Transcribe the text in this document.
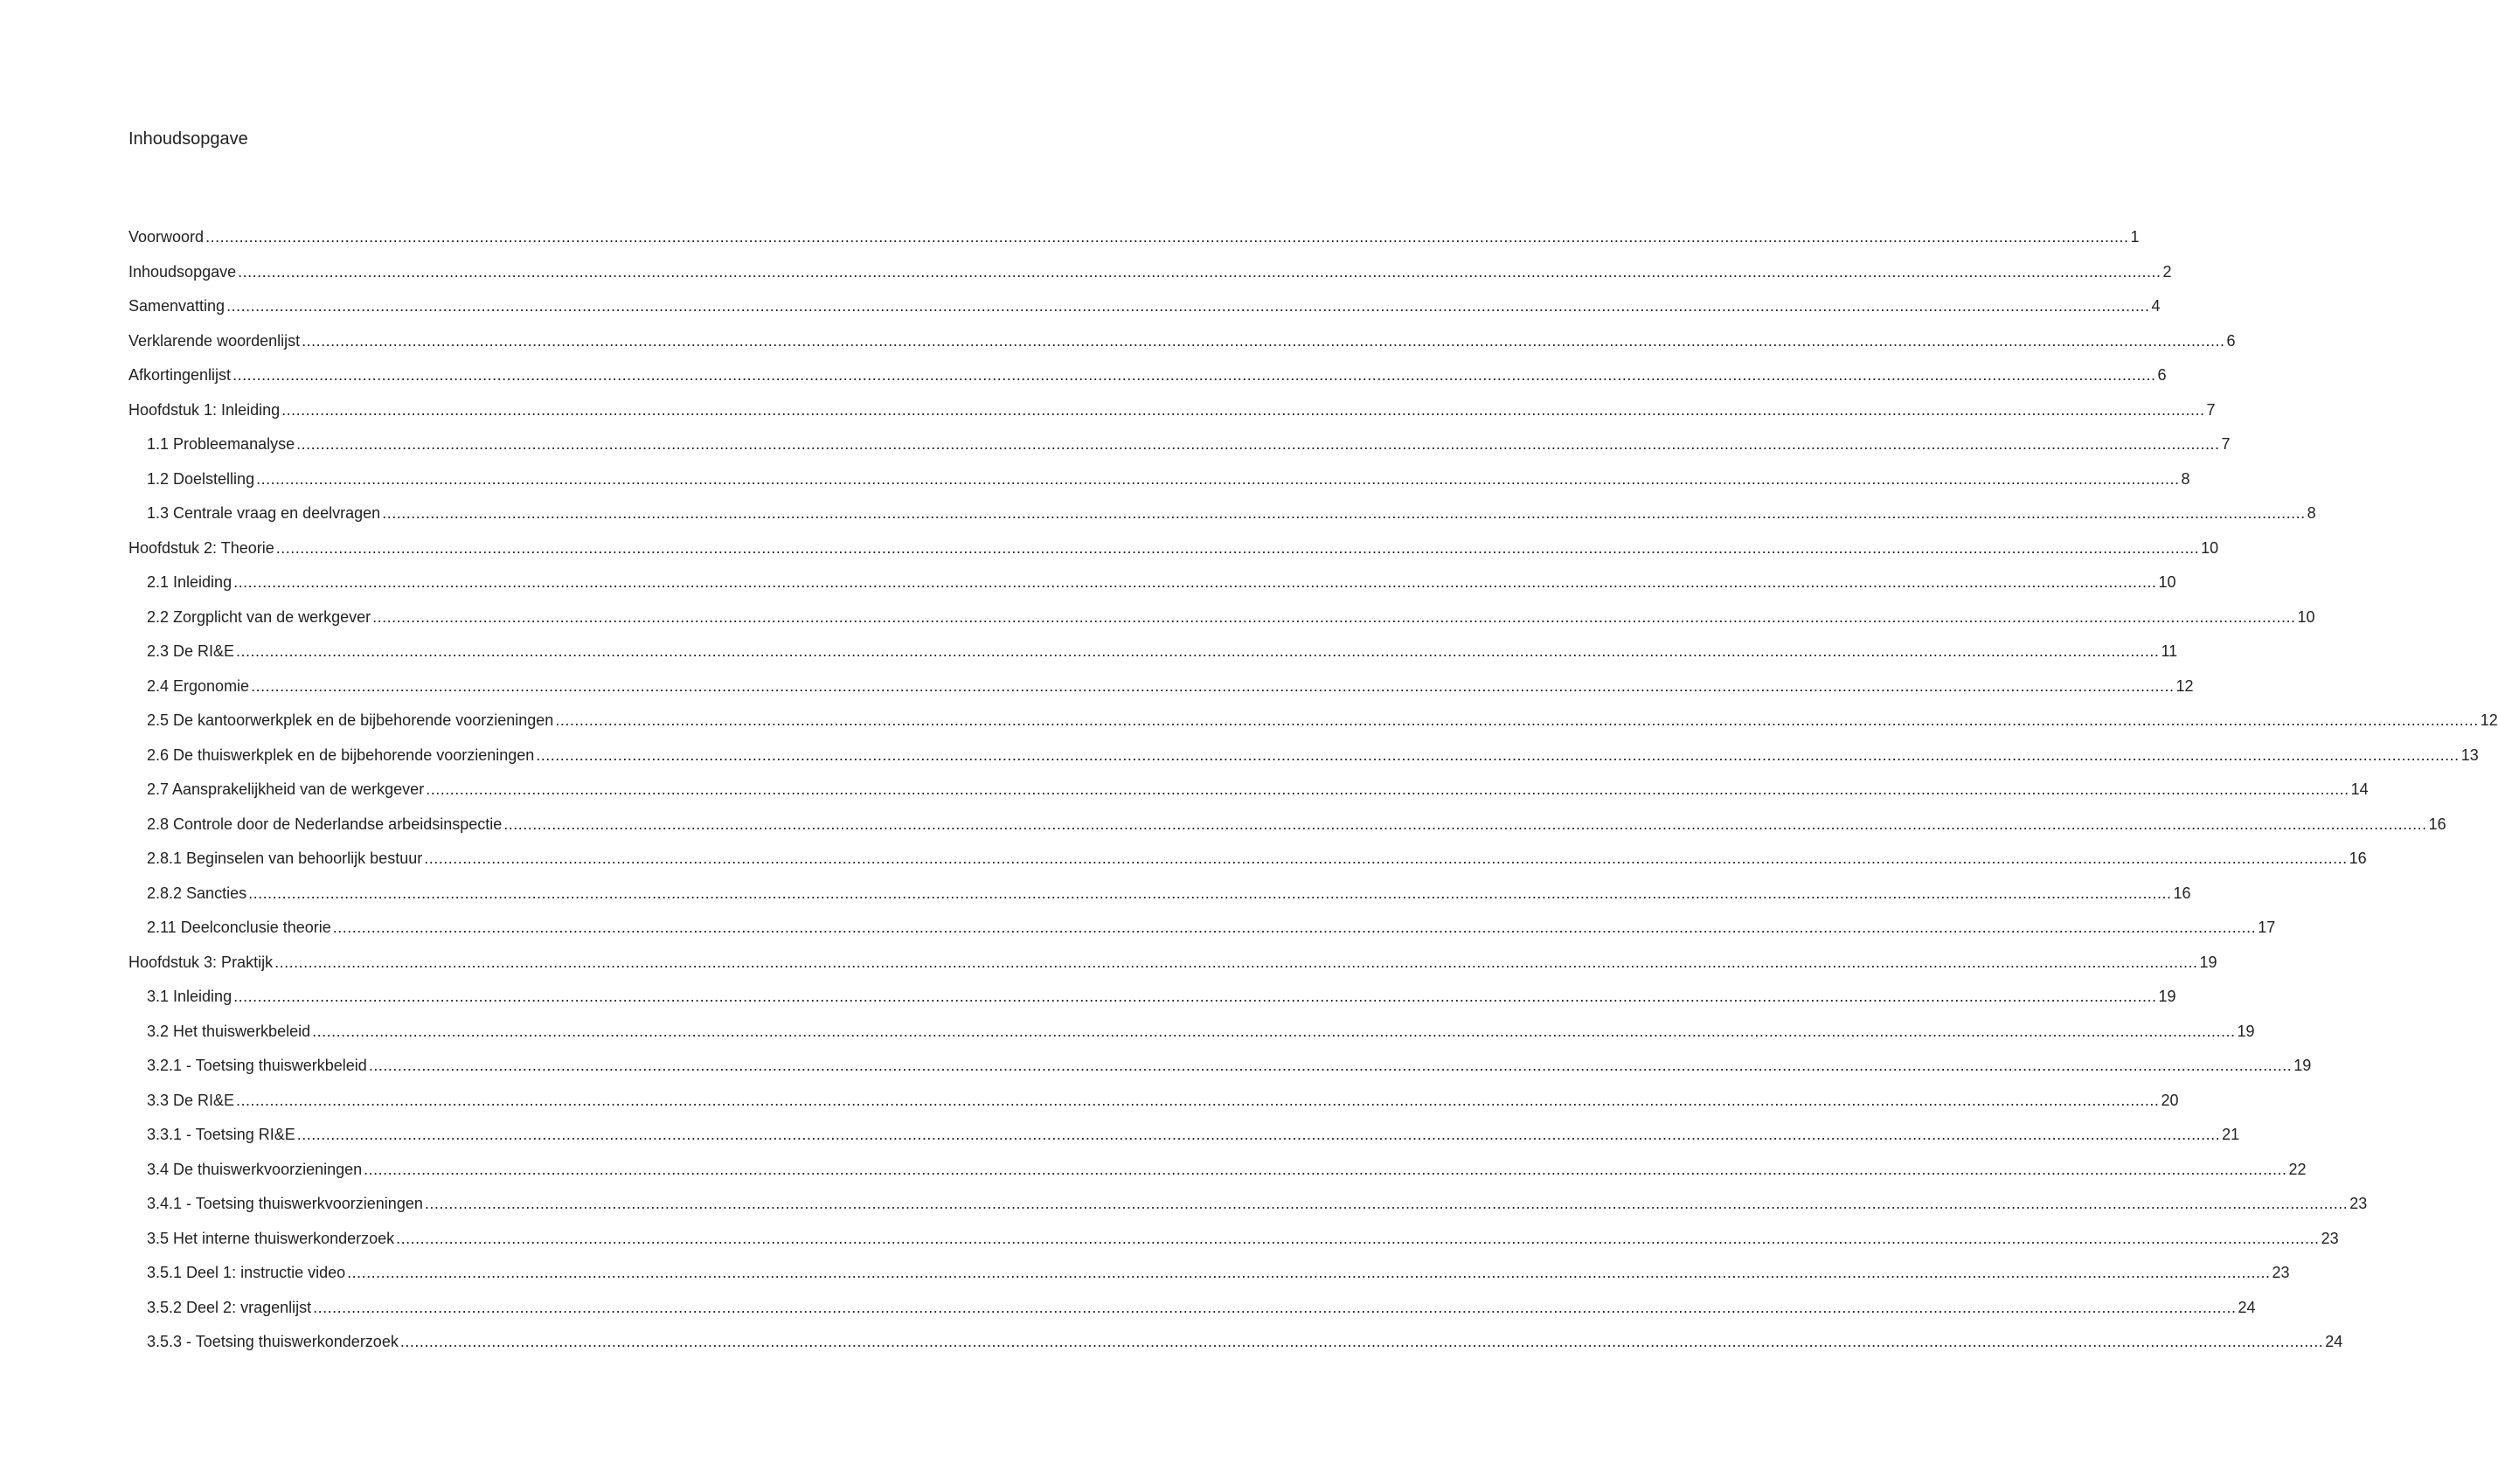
Inhoudsopgave
Voorwoord ................................................................................................................................................................................................................................................................................................................................................................................................................ 1
Inhoudsopgave ................................................................................................................................................................................................................................................................................................................................................................................................................ 2
Samenvatting ................................................................................................................................................................................................................................................................................................................................................................................................................ 4
Verklarende woordenlijst ................................................................................................................................................................................................................................................................................................................................................................................................................ 6
Afkortingenlijst ................................................................................................................................................................................................................................................................................................................................................................................................................ 6
Hoofdstuk 1: Inleiding ................................................................................................................................................................................................................................................................................................................................................................................................................ 7
1.1 Probleemanalyse ................................................................................................................................................................................................................................................................................................................................................................................................................ 7
1.2 Doelstelling ................................................................................................................................................................................................................................................................................................................................................................................................................ 8
1.3 Centrale vraag en deelvragen ................................................................................................................................................................................................................................................................................................................................................................................................................ 8
Hoofdstuk 2: Theorie ................................................................................................................................................................................................................................................................................................................................................................................................................ 10
2.1 Inleiding ................................................................................................................................................................................................................................................................................................................................................................................................................ 10
2.2 Zorgplicht van de werkgever ................................................................................................................................................................................................................................................................................................................................................................................................................ 10
2.3 De RI&E ................................................................................................................................................................................................................................................................................................................................................................................................................ 11
2.4 Ergonomie ................................................................................................................................................................................................................................................................................................................................................................................................................ 12
2.5 De kantoorwerkplek en de bijbehorende voorzieningen ................................................................................................................................................................................................................................................................................................................................................................................................................ 12
2.6 De thuiswerkplek en de bijbehorende voorzieningen ................................................................................................................................................................................................................................................................................................................................................................................................................ 13
2.7 Aansprakelijkheid van de werkgever ................................................................................................................................................................................................................................................................................................................................................................................................................ 14
2.8 Controle door de Nederlandse arbeidsinspectie ................................................................................................................................................................................................................................................................................................................................................................................................................ 16
2.8.1 Beginselen van behoorlijk bestuur ................................................................................................................................................................................................................................................................................................................................................................................................................ 16
2.8.2 Sancties ................................................................................................................................................................................................................................................................................................................................................................................................................ 16
2.11 Deelconclusie theorie ................................................................................................................................................................................................................................................................................................................................................................................................................ 17
Hoofdstuk 3: Praktijk ................................................................................................................................................................................................................................................................................................................................................................................................................ 19
3.1 Inleiding ................................................................................................................................................................................................................................................................................................................................................................................................................ 19
3.2 Het thuiswerkbeleid ................................................................................................................................................................................................................................................................................................................................................................................................................ 19
3.2.1 - Toetsing thuiswerkbeleid ................................................................................................................................................................................................................................................................................................................................................................................................................ 19
3.3 De RI&E ................................................................................................................................................................................................................................................................................................................................................................................................................ 20
3.3.1 - Toetsing RI&E ................................................................................................................................................................................................................................................................................................................................................................................................................ 21
3.4 De thuiswerkvoorzieningen ................................................................................................................................................................................................................................................................................................................................................................................................................ 22
3.4.1 - Toetsing thuiswerkvoorzieningen ................................................................................................................................................................................................................................................................................................................................................................................................................ 23
3.5 Het interne thuiswerkonderzoek ................................................................................................................................................................................................................................................................................................................................................................................................................ 23
3.5.1 Deel 1: instructie video ................................................................................................................................................................................................................................................................................................................................................................................................................ 23
3.5.2 Deel 2: vragenlijst ................................................................................................................................................................................................................................................................................................................................................................................................................ 24
3.5.3 - Toetsing thuiswerkonderzoek ................................................................................................................................................................................................................................................................................................................................................................................................................ 24
